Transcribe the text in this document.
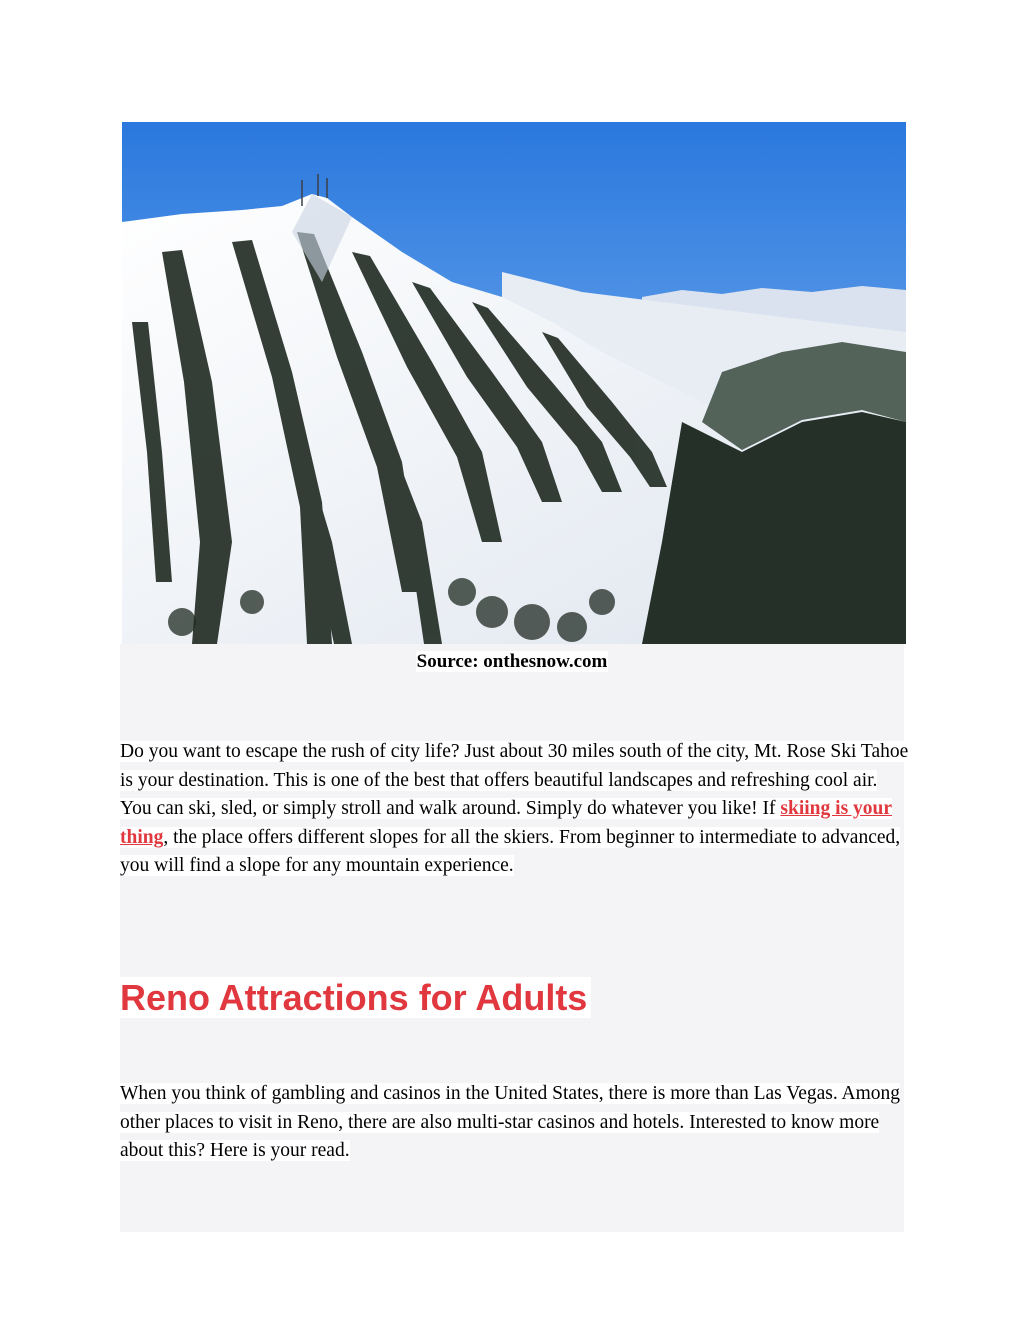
Source: onthesnow.com

Do you want to escape the rush of city life? Just about 30 miles south of the city, Mt. Rose Ski Tahoe is your destination. This is one of the best that offers beautiful landscapes and refreshing cool air. You can ski, sled, or simply stroll and walk around. Simply do whatever you like! If skiing is your thing, the place offers different slopes for all the skiers. From beginner to intermediate to advanced, you will find a slope for any mountain experience.

Reno Attractions for Adults

When you think of gambling and casinos in the United States, there is more than Las Vegas. Among other places to visit in Reno, there are also multi-star casinos and hotels. Interested to know more about this? Here is your read.
